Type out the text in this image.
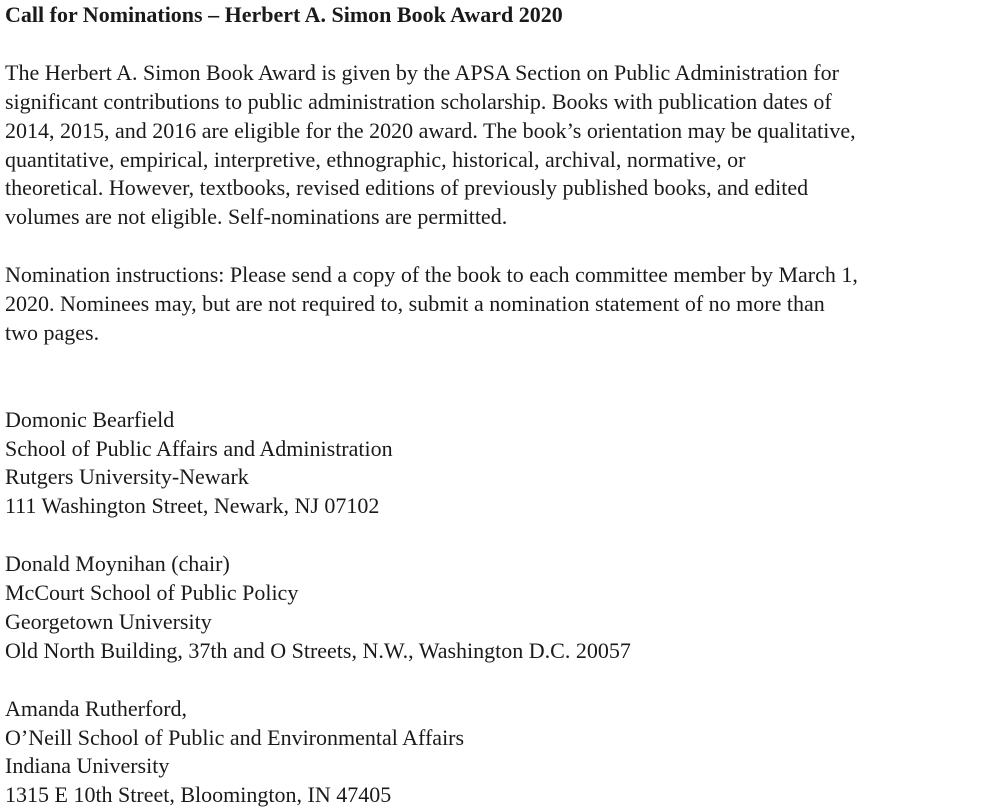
Call for Nominations – Herbert A. Simon Book Award 2020

The Herbert A. Simon Book Award is given by the APSA Section on Public Administration for
significant contributions to public administration scholarship. Books with publication dates of
2014, 2015, and 2016 are eligible for the 2020 award. The book’s orientation may be qualitative,
quantitative, empirical, interpretive, ethnographic, historical, archival, normative, or
theoretical. However, textbooks, revised editions of previously published books, and edited
volumes are not eligible. Self-nominations are permitted.

Nomination instructions: Please send a copy of the book to each committee member by March 1,
2020. Nominees may, but are not required to, submit a nomination statement of no more than
two pages.

Domonic Bearfield
School of Public Affairs and Administration
Rutgers University-Newark
111 Washington Street, Newark, NJ 07102
Donald Moynihan (chair)
McCourt School of Public Policy
Georgetown University
Old North Building, 37th and O Streets, N.W., Washington D.C. 20057
Amanda Rutherford,
O’Neill School of Public and Environmental Affairs
Indiana University
1315 E 10th Street, Bloomington, IN 47405
